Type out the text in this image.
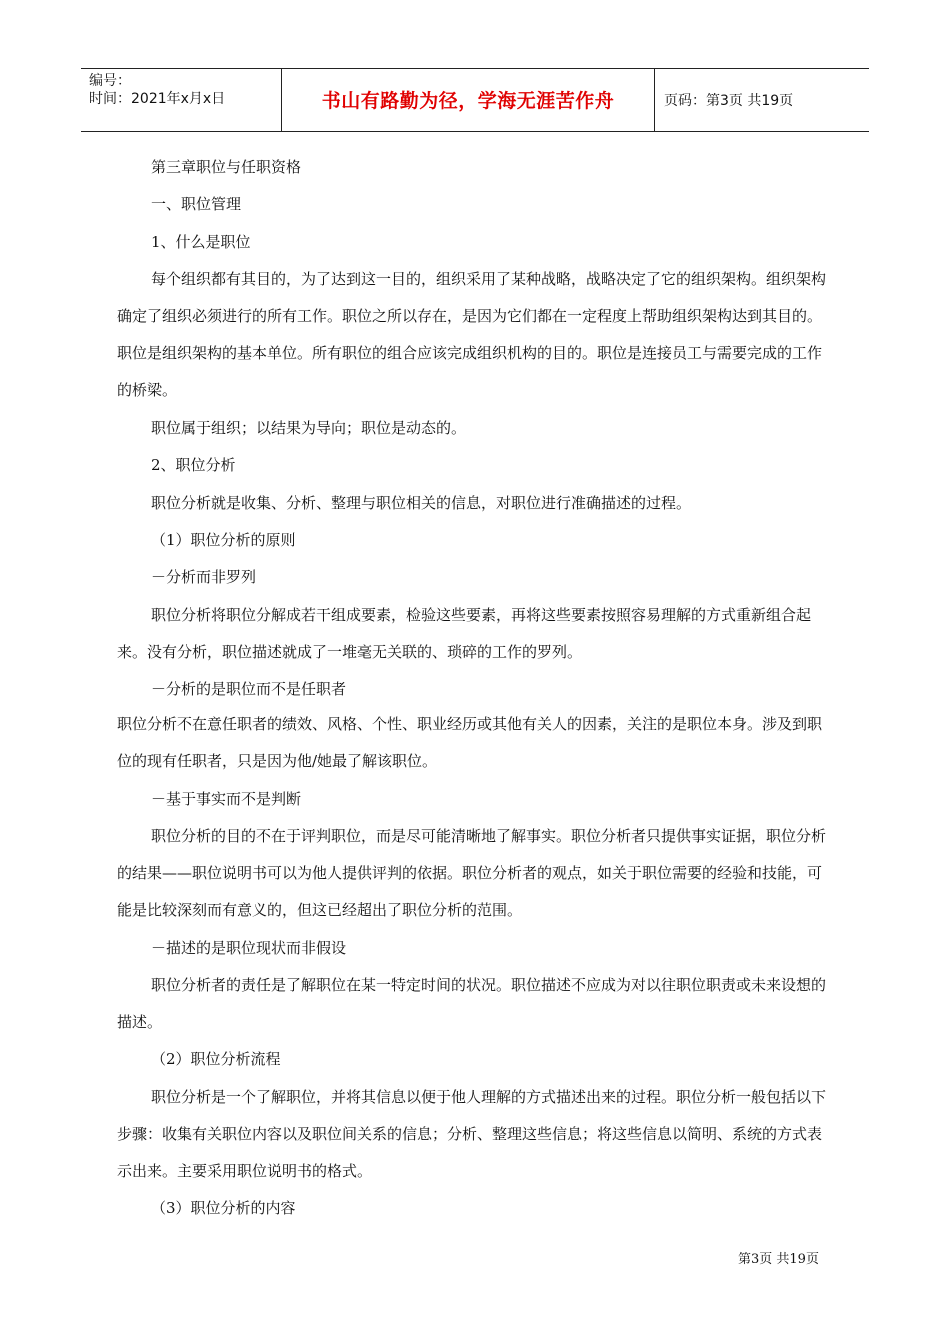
编号：
时间：2021年x月x日	书山有路勤为径，学海无涯苦作舟	页码：第3页 共19页

第三章职位与任职资格

一、职位管理

1、什么是职位

每个组织都有其目的，为了达到这一目的，组织采用了某种战略，战略决定了它的组织架构。组织架构确定了组织必须进行的所有工作。职位之所以存在，是因为它们都在一定程度上帮助组织架构达到其目的。职位是组织架构的基本单位。所有职位的组合应该完成组织机构的目的。职位是连接员工与需要完成的工作的桥梁。

职位属于组织；以结果为导向；职位是动态的。

2、职位分析

职位分析就是收集、分析、整理与职位相关的信息，对职位进行准确描述的过程。

（1）职位分析的原则

－分析而非罗列

职位分析将职位分解成若干组成要素，检验这些要素，再将这些要素按照容易理解的方式重新组合起来。没有分析，职位描述就成了一堆毫无关联的、琐碎的工作的罗列。

－分析的是职位而不是任职者

职位分析不在意任职者的绩效、风格、个性、职业经历或其他有关人的因素，关注的是职位本身。涉及到职位的现有任职者，只是因为他/她最了解该职位。

－基于事实而不是判断

职位分析的目的不在于评判职位，而是尽可能清晰地了解事实。职位分析者只提供事实证据，职位分析的结果——职位说明书可以为他人提供评判的依据。职位分析者的观点，如关于职位需要的经验和技能，可能是比较深刻而有意义的，但这已经超出了职位分析的范围。

－描述的是职位现状而非假设

职位分析者的责任是了解职位在某一特定时间的状况。职位描述不应成为对以往职位职责或未来设想的描述。

（2）职位分析流程

职位分析是一个了解职位，并将其信息以便于他人理解的方式描述出来的过程。职位分析一般包括以下步骤：收集有关职位内容以及职位间关系的信息；分析、整理这些信息；将这些信息以简明、系统的方式表示出来。主要采用职位说明书的格式。

（3）职位分析的内容

第3页 共19页
